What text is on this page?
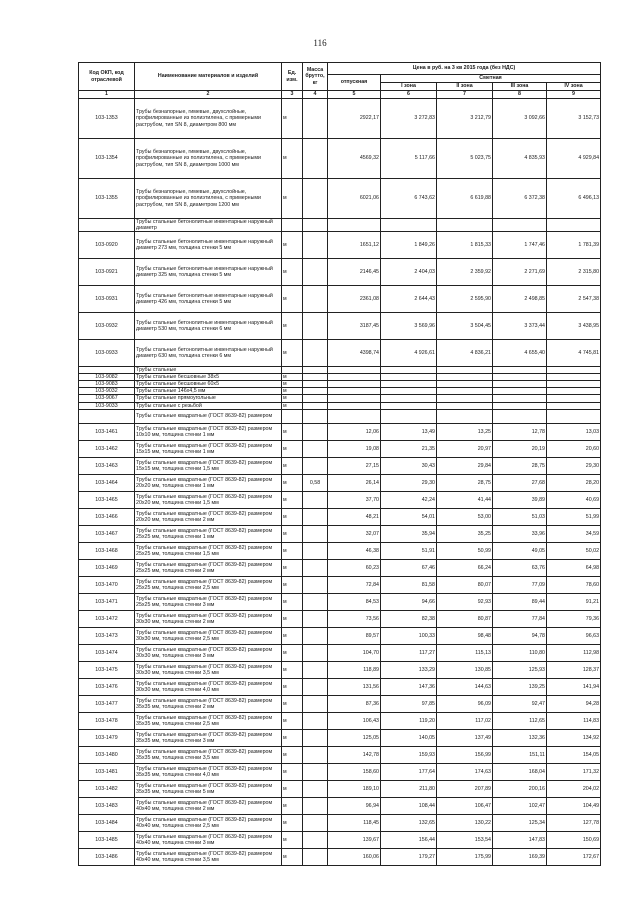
116
Код ОКП, код отраслевой	Наименование материалов и изделий	Ед. изм.	Масса брутто, кг	Цена в руб. на 3 кв 2015 года (без НДС)				
				отпускная	Сметная			
					I зона	II зона	III зона	IV зона
1	2	3	4	5	6	7	8	9
103-1353	Трубы безнапорные, гимевые, двухслойные, профилированные из полиэтилена, с примерными раструбом, тип SN 8, диаметром 800 мм	м		2922,17	3 272,83	3 212,79	3 092,66	3 152,73
103-1354	Трубы безнапорные, гимевые, двухслойные, профилированные из полиэтилена, с примерными раструбом, тип SN 8, диаметром 1000 мм	м		4569,32	5 117,66	5 023,75	4 835,93	4 929,84
103-1355	Трубы безнапорные, гимевые, двухслойные, профилированные из полиэтилена, с примерными раструбом, тип SN 8, диаметром 1200 мм	м		6021,06	6 743,62	6 619,88	6 372,38	6 496,13
	Трубы стальные бетонолитные инвентарные наружный диаметр							
103-0920	Трубы стальные бетонолитные инвентарные наружный диаметр 273 мм, толщина стенки 5 мм	м		1651,12	1 849,26	1 815,33	1 747,46	1 781,39
103-0921	Трубы стальные бетонолитные инвентарные наружный диаметр 325 мм, толщина стенки 5 мм	м		2146,45	2 404,03	2 359,92	2 271,69	2 315,80
103-0931	Трубы стальные бетонолитные инвентарные наружный диаметр 426 мм, толщина стенки 5 мм	м		2361,08	2 644,43	2 595,90	2 498,85	2 547,38
103-0932	Трубы стальные бетонолитные инвентарные наружный диаметр 530 мм, толщина стенки 6 мм	м		3187,45	3 569,96	3 504,45	3 373,44	3 438,95
103-0933	Трубы стальные бетонолитные инвентарные наружный диаметр 630 мм, толщина стенки 6 мм	м		4398,74	4 926,61	4 836,21	4 655,40	4 745,81
	Трубы стальные							
103-9082	Трубы стальные бесшовные 38х5	м						
103-9083	Трубы стальные бесшовные 60х5	м						
103-9032	Трубы стальные 146х4,5 мм	м						
103-9067	Трубы стальные прямоугольные	м						
103-9033	Трубы стальные с резьбой	м						
	Трубы стальные квадратные (ГОСТ 8639-82) размером							
103-1461	Трубы стальные квадратные (ГОСТ 8639-82) размером 10х10 мм, толщина стенки 1 мм	м		12,06	13,49	13,25	12,78	13,03
103-1462	Трубы стальные квадратные (ГОСТ 8639-82) размером 15х15 мм, толщина стенки 1 мм	м		19,08	21,35	20,97	20,19	20,60
103-1463	Трубы стальные квадратные (ГОСТ 8639-82) размером 15х15 мм, толщина стенки 1,5 мм	м		27,15	30,43	29,84	28,75	29,30
103-1464	Трубы стальные квадратные (ГОСТ 8639-82) размером 20х20 мм, толщина стенки 1 мм	м	0,58	26,14	29,30	28,75	27,68	28,20
103-1465	Трубы стальные квадратные (ГОСТ 8639-82) размером 20х20 мм, толщина стенки 1,5 мм	м		37,70	42,24	41,44	39,89	40,69
103-1466	Трубы стальные квадратные (ГОСТ 8639-82) размером 20х20 мм, толщина стенки 2 мм	м		48,21	54,01	53,00	51,03	51,99
103-1467	Трубы стальные квадратные (ГОСТ 8639-82) размером 25х25 мм, толщина стенки 1 мм	м		32,07	35,94	35,25	33,96	34,59
103-1468	Трубы стальные квадратные (ГОСТ 8639-82) размером 25х25 мм, толщина стенки 1,5 мм	м		46,38	51,91	50,99	49,05	50,02
103-1469	Трубы стальные квадратные (ГОСТ 8639-82) размером 25х25 мм, толщина стенки 2 мм	м		60,23	67,46	66,24	63,76	64,98
103-1470	Трубы стальные квадратные (ГОСТ 8639-82) размером 25х25 мм, толщина стенки 2,5 мм	м		72,84	81,58	80,07	77,09	78,60
103-1471	Трубы стальные квадратные (ГОСТ 8639-82) размером 25х25 мм, толщина стенки 3 мм	м		84,53	94,66	92,93	89,44	91,21
103-1472	Трубы стальные квадратные (ГОСТ 8639-82) размером 30х30 мм, толщина стенки 2 мм	м		73,56	82,38	80,87	77,84	79,36
103-1473	Трубы стальные квадратные (ГОСТ 8639-82) размером 30х30 мм, толщина стенки 2,5 мм	м		89,57	100,33	98,48	94,78	96,63
103-1474	Трубы стальные квадратные (ГОСТ 8639-82) размером 30х30 мм, толщина стенки 3 мм	м		104,70	117,27	115,13	110,80	112,98
103-1475	Трубы стальные квадратные (ГОСТ 8639-82) размером 30х30 мм, толщина стенки 3,5 мм	м		118,89	133,29	130,85	125,93	128,37
103-1476	Трубы стальные квадратные (ГОСТ 8639-82) размером 30х30 мм, толщина стенки 4,0 мм	м		131,56	147,36	144,63	139,25	141,94
103-1477	Трубы стальные квадратные (ГОСТ 8639-82) размером 35х35 мм, толщина стенки 2 мм	м		87,36	97,85	96,09	92,47	94,28
103-1478	Трубы стальные квадратные (ГОСТ 8639-82) размером 35х35 мм, толщина стенки 2,5 мм	м		106,43	119,20	117,02	112,65	114,83
103-1479	Трубы стальные квадратные (ГОСТ 8639-82) размером 35х35 мм, толщина стенки 3 мм	м		125,05	140,05	137,49	132,36	134,92
103-1480	Трубы стальные квадратные (ГОСТ 8639-82) размером 35х35 мм, толщина стенки 3,5 мм	м		142,78	159,93	156,99	151,11	154,05
103-1481	Трубы стальные квадратные (ГОСТ 8639-82) размером 35х35 мм, толщина стенки 4,0 мм	м		158,60	177,64	174,63	168,04	171,32
103-1482	Трубы стальные квадратные (ГОСТ 8639-82) размером 35х35 мм, толщина стенки 5 мм	м		189,10	211,80	207,89	200,16	204,02
103-1483	Трубы стальные квадратные (ГОСТ 8639-82) размером 40х40 мм, толщина стенки 2 мм	м		96,94	108,44	106,47	102,47	104,49
103-1484	Трубы стальные квадратные (ГОСТ 8639-82) размером 40х40 мм, толщина стенки 2,5 мм	м		118,45	132,65	130,22	125,34	127,78
103-1485	Трубы стальные квадратные (ГОСТ 8639-82) размером 40х40 мм, толщина стенки 3 мм	м		139,67	156,44	153,54	147,83	150,69
103-1486	Трубы стальные квадратные (ГОСТ 8639-82) размером 40х40 мм, толщина стенки 3,5 мм	м		160,06	179,27	175,99	169,39	172,67
